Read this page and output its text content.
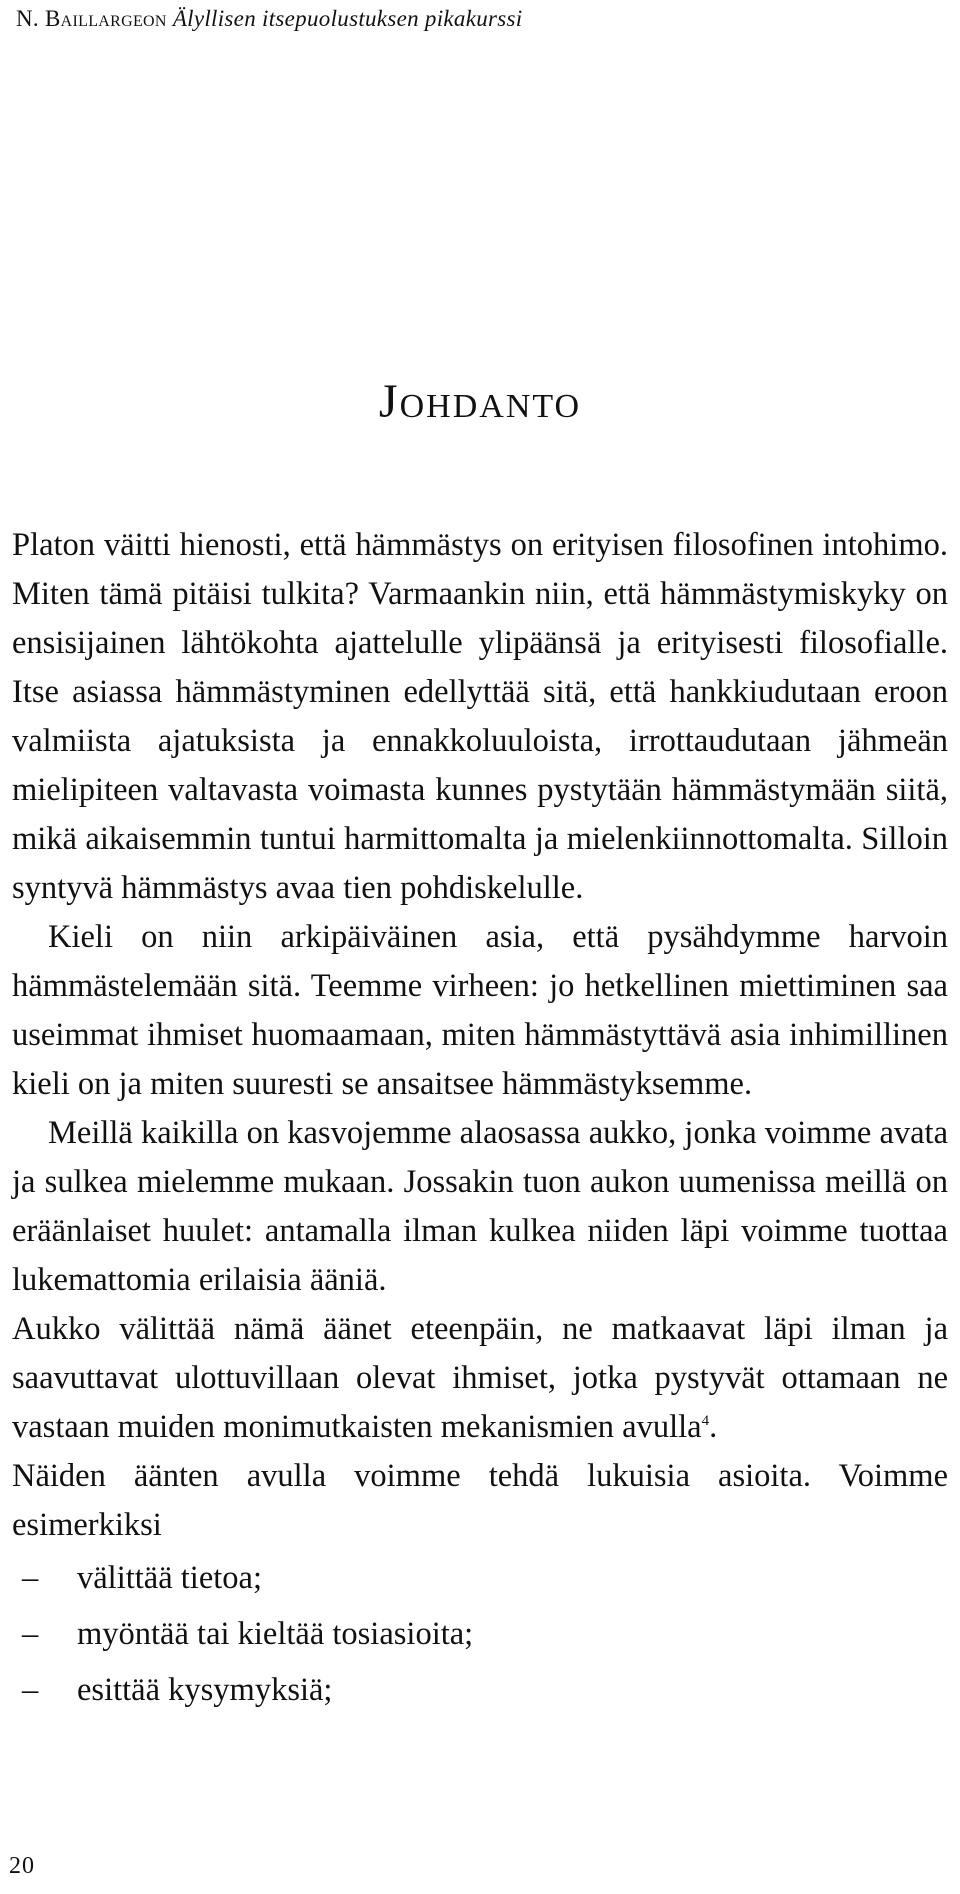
N. Baillargeon Älyllisen itsepuolustuksen pikakurssi
Johdanto

Platon väitti hienosti, että hämmästys on erityisen filosofinen intohimo. Miten tämä pitäisi tulkita? Varmaankin niin, että hämmästymiskyky on ensisijainen lähtökohta ajattelulle ylipäänsä ja erityisesti filosofialle. Itse asiassa hämmästyminen edellyttää sitä, että hankkiudutaan eroon valmiista ajatuksista ja ennakkoluuloista, irrottaudutaan jähmeän mielipiteen valtavasta voimasta kunnes pystytään hämmästymään siitä, mikä aikaisemmin tuntui harmittomalta ja mielenkiinnottomalta. Silloin syntyvä hämmästys avaa tien pohdiskelulle.

Kieli on niin arkipäiväinen asia, että pysähdymme harvoin hämmästelemään sitä. Teemme virheen: jo hetkellinen miettiminen saa useimmat ihmiset huomaamaan, miten hämmästyttävä asia inhimillinen kieli on ja miten suuresti se ansaitsee hämmästyksemme.

Meillä kaikilla on kasvojemme alaosassa aukko, jonka voimme avata ja sulkea mielemme mukaan. Jossakin tuon aukon uumenissa meillä on eräänlaiset huulet: antamalla ilman kulkea niiden läpi voimme tuottaa lukemattomia erilaisia ääniä.

Aukko välittää nämä äänet eteenpäin, ne matkaavat läpi ilman ja saavuttavat ulottuvillaan olevat ihmiset, jotka pystyvät ottamaan ne vastaan muiden monimutkaisten mekanismien avulla$^4$.

Näiden äänten avulla voimme tehdä lukuisia asioita. Voimme esimerkiksi

–	välittää tietoa;
–	myöntää tai kieltää tosiasioita;
–	esittää kysymyksiä;
20
